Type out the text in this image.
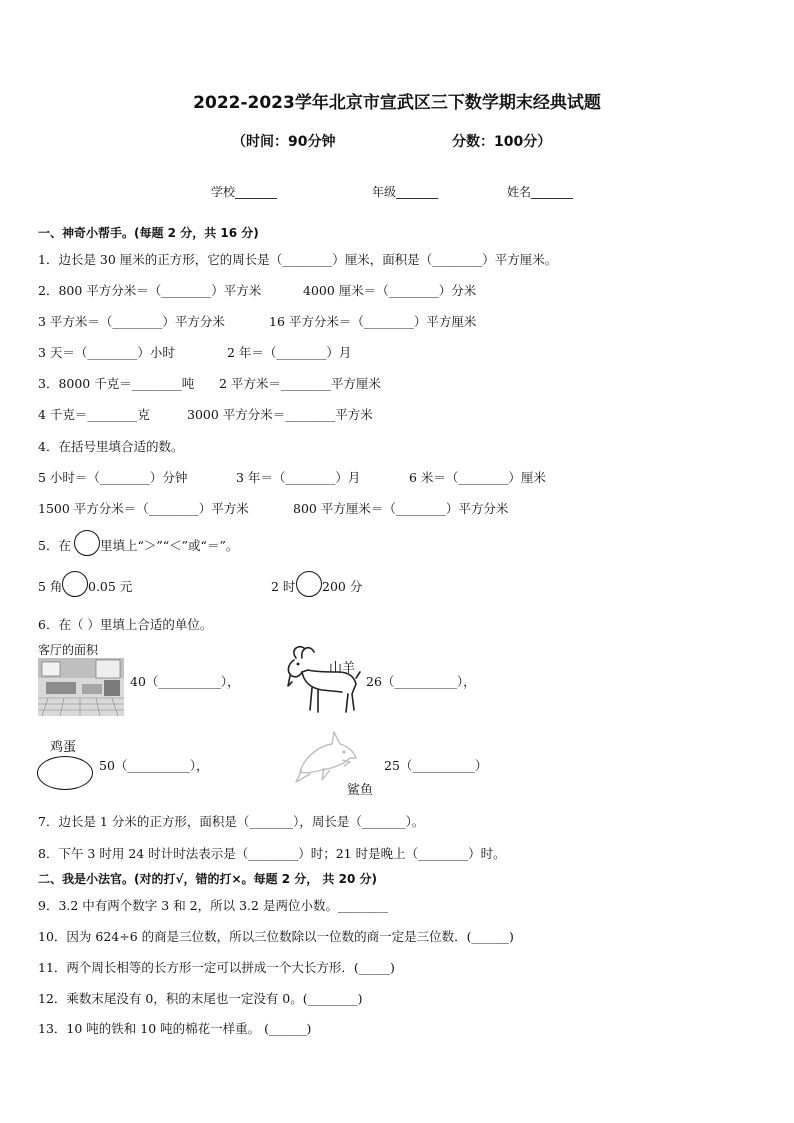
2022-2023学年北京市宣武区三下数学期末经典试题
（时间：90分钟	分数：100分）
学校_______	年级_______	姓名_______
一、神奇小帮手。(每题 2 分，共 16 分)
1．边长是 30 厘米的正方形，它的周长是（________）厘米，面积是（________）平方厘米。
2．800 平方分米＝（________）平方米	4000 厘米＝（________）分米
3 平方米＝（________）平方分米	16 平方分米＝（________）平方厘米
3 天＝（________）小时	2 年＝（________）月
3．8000 千克＝________吨 2 平方米＝________平方厘米
4 千克＝________克	3000 平方分米＝________平方米
4．在括号里填合适的数。
5 小时＝（________）分钟	3 年＝（________）月	6 米＝（________）厘米
1500 平方分米＝（________）平方米	800 平方厘米＝（________）平方分米
5．在 里填上“＞”“＜”或“＝”。
5 角 0.05 元	2 时 200 分
6．在（ ）里填上合适的单位。
客厅的面积
40（__________），
山羊
26（__________），
鸡蛋
50（__________），
鲨鱼
25（__________）
7．边长是 1 分米的正方形，面积是（_______），周长是（_______）。
8．下午 3 时用 24 时计时法表示是（________）时；21 时是晚上（________）时。
二、我是小法官。(对的打√，错的打×。每题 2 分， 共 20 分)
9．3.2 中有两个数字 3 和 2，所以 3.2 是两位小数。________
10．因为 624÷6 的商是三位数，所以三位数除以一位数的商一定是三位数．(______)
11．两个周长相等的长方形一定可以拼成一个大长方形．(_____)
12．乘数末尾没有 0，积的末尾也一定没有 0。(________)
13．10 吨的铁和 10 吨的棉花一样重。 (______)
